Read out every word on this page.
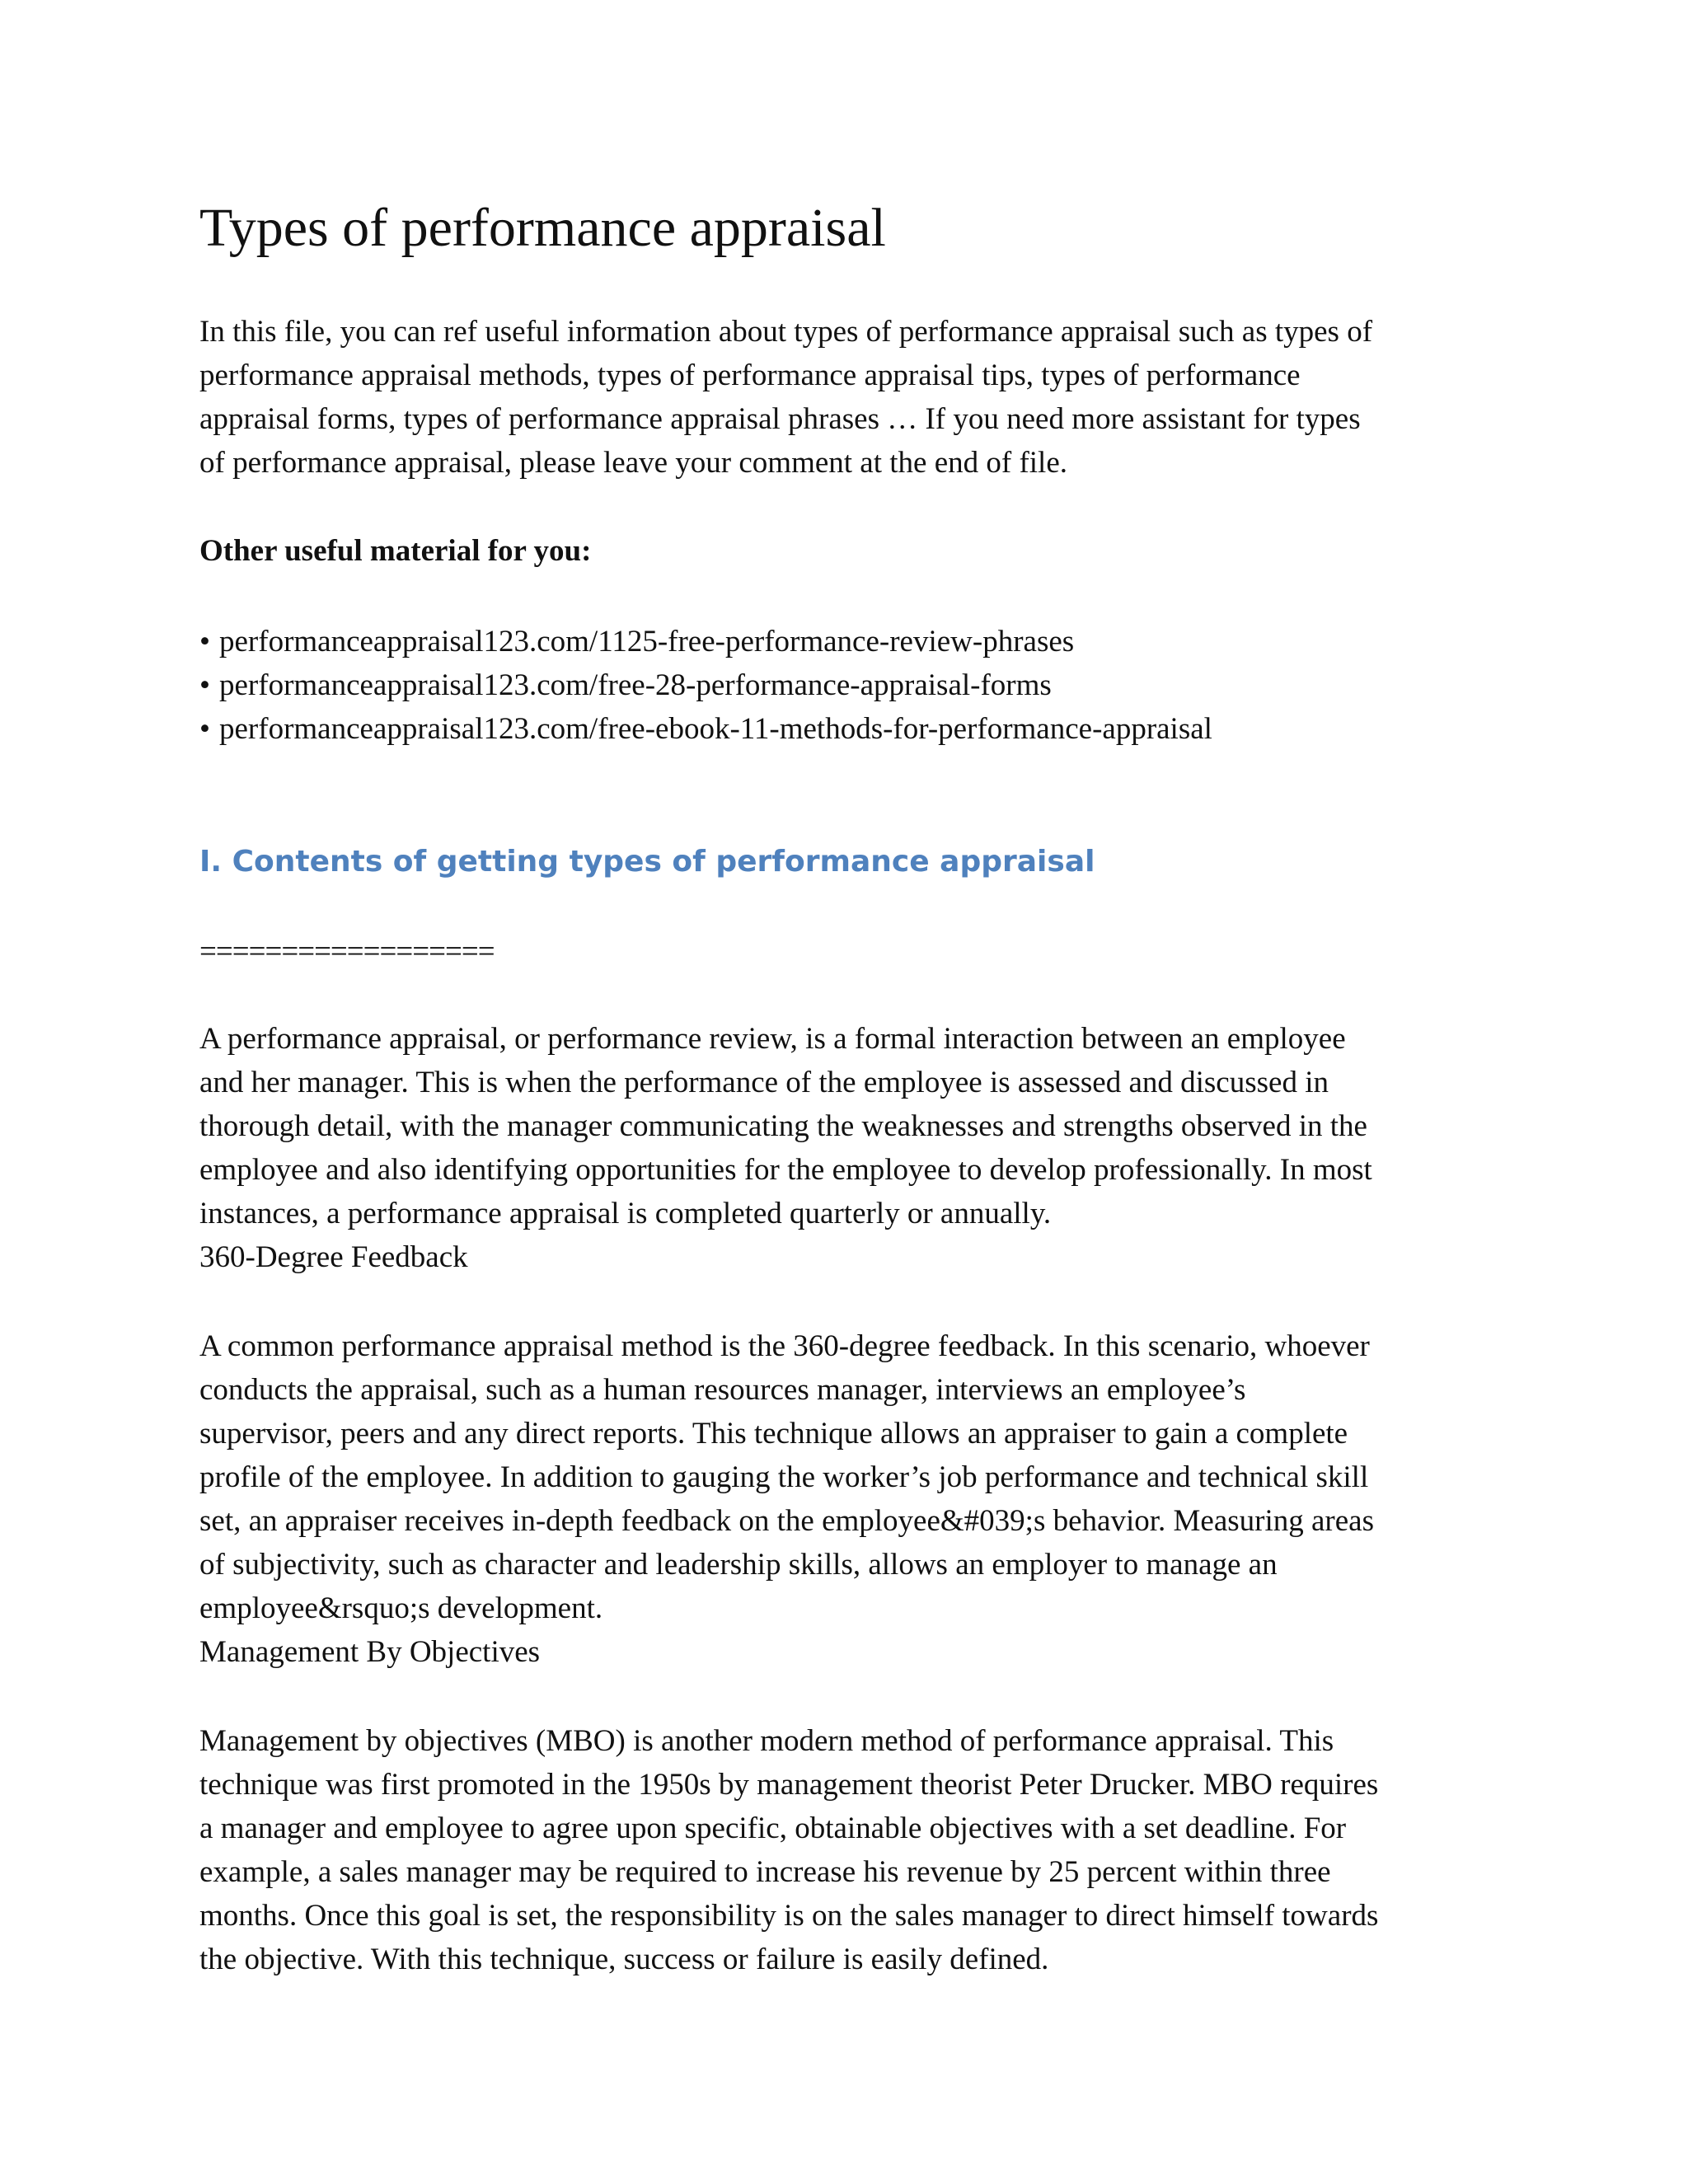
Types of performance appraisal

In this file, you can ref useful information about types of performance appraisal such as types of
performance appraisal methods, types of performance appraisal tips, types of performance
appraisal forms, types of performance appraisal phrases … If you need more assistant for types
of performance appraisal, please leave your comment at the end of file.

Other useful material for you:

• performanceappraisal123.com/1125-free-performance-review-phrases
• performanceappraisal123.com/free-28-performance-appraisal-forms
• performanceappraisal123.com/free-ebook-11-methods-for-performance-appraisal
I. Contents of getting types of performance appraisal

==================

A performance appraisal, or performance review, is a formal interaction between an employee
and her manager. This is when the performance of the employee is assessed and discussed in
thorough detail, with the manager communicating the weaknesses and strengths observed in the
employee and also identifying opportunities for the employee to develop professionally. In most
instances, a performance appraisal is completed quarterly or annually.
360-Degree Feedback

A common performance appraisal method is the 360-degree feedback. In this scenario, whoever
conducts the appraisal, such as a human resources manager, interviews an employee’s
supervisor, peers and any direct reports. This technique allows an appraiser to gain a complete
profile of the employee. In addition to gauging the worker’s job performance and technical skill
set, an appraiser receives in-depth feedback on the employee&#039;s behavior. Measuring areas
of subjectivity, such as character and leadership skills, allows an employer to manage an
employee&rsquo;s development.
Management By Objectives

Management by objectives (MBO) is another modern method of performance appraisal. This
technique was first promoted in the 1950s by management theorist Peter Drucker. MBO requires
a manager and employee to agree upon specific, obtainable objectives with a set deadline. For
example, a sales manager may be required to increase his revenue by 25 percent within three
months. Once this goal is set, the responsibility is on the sales manager to direct himself towards
the objective. With this technique, success or failure is easily defined.
